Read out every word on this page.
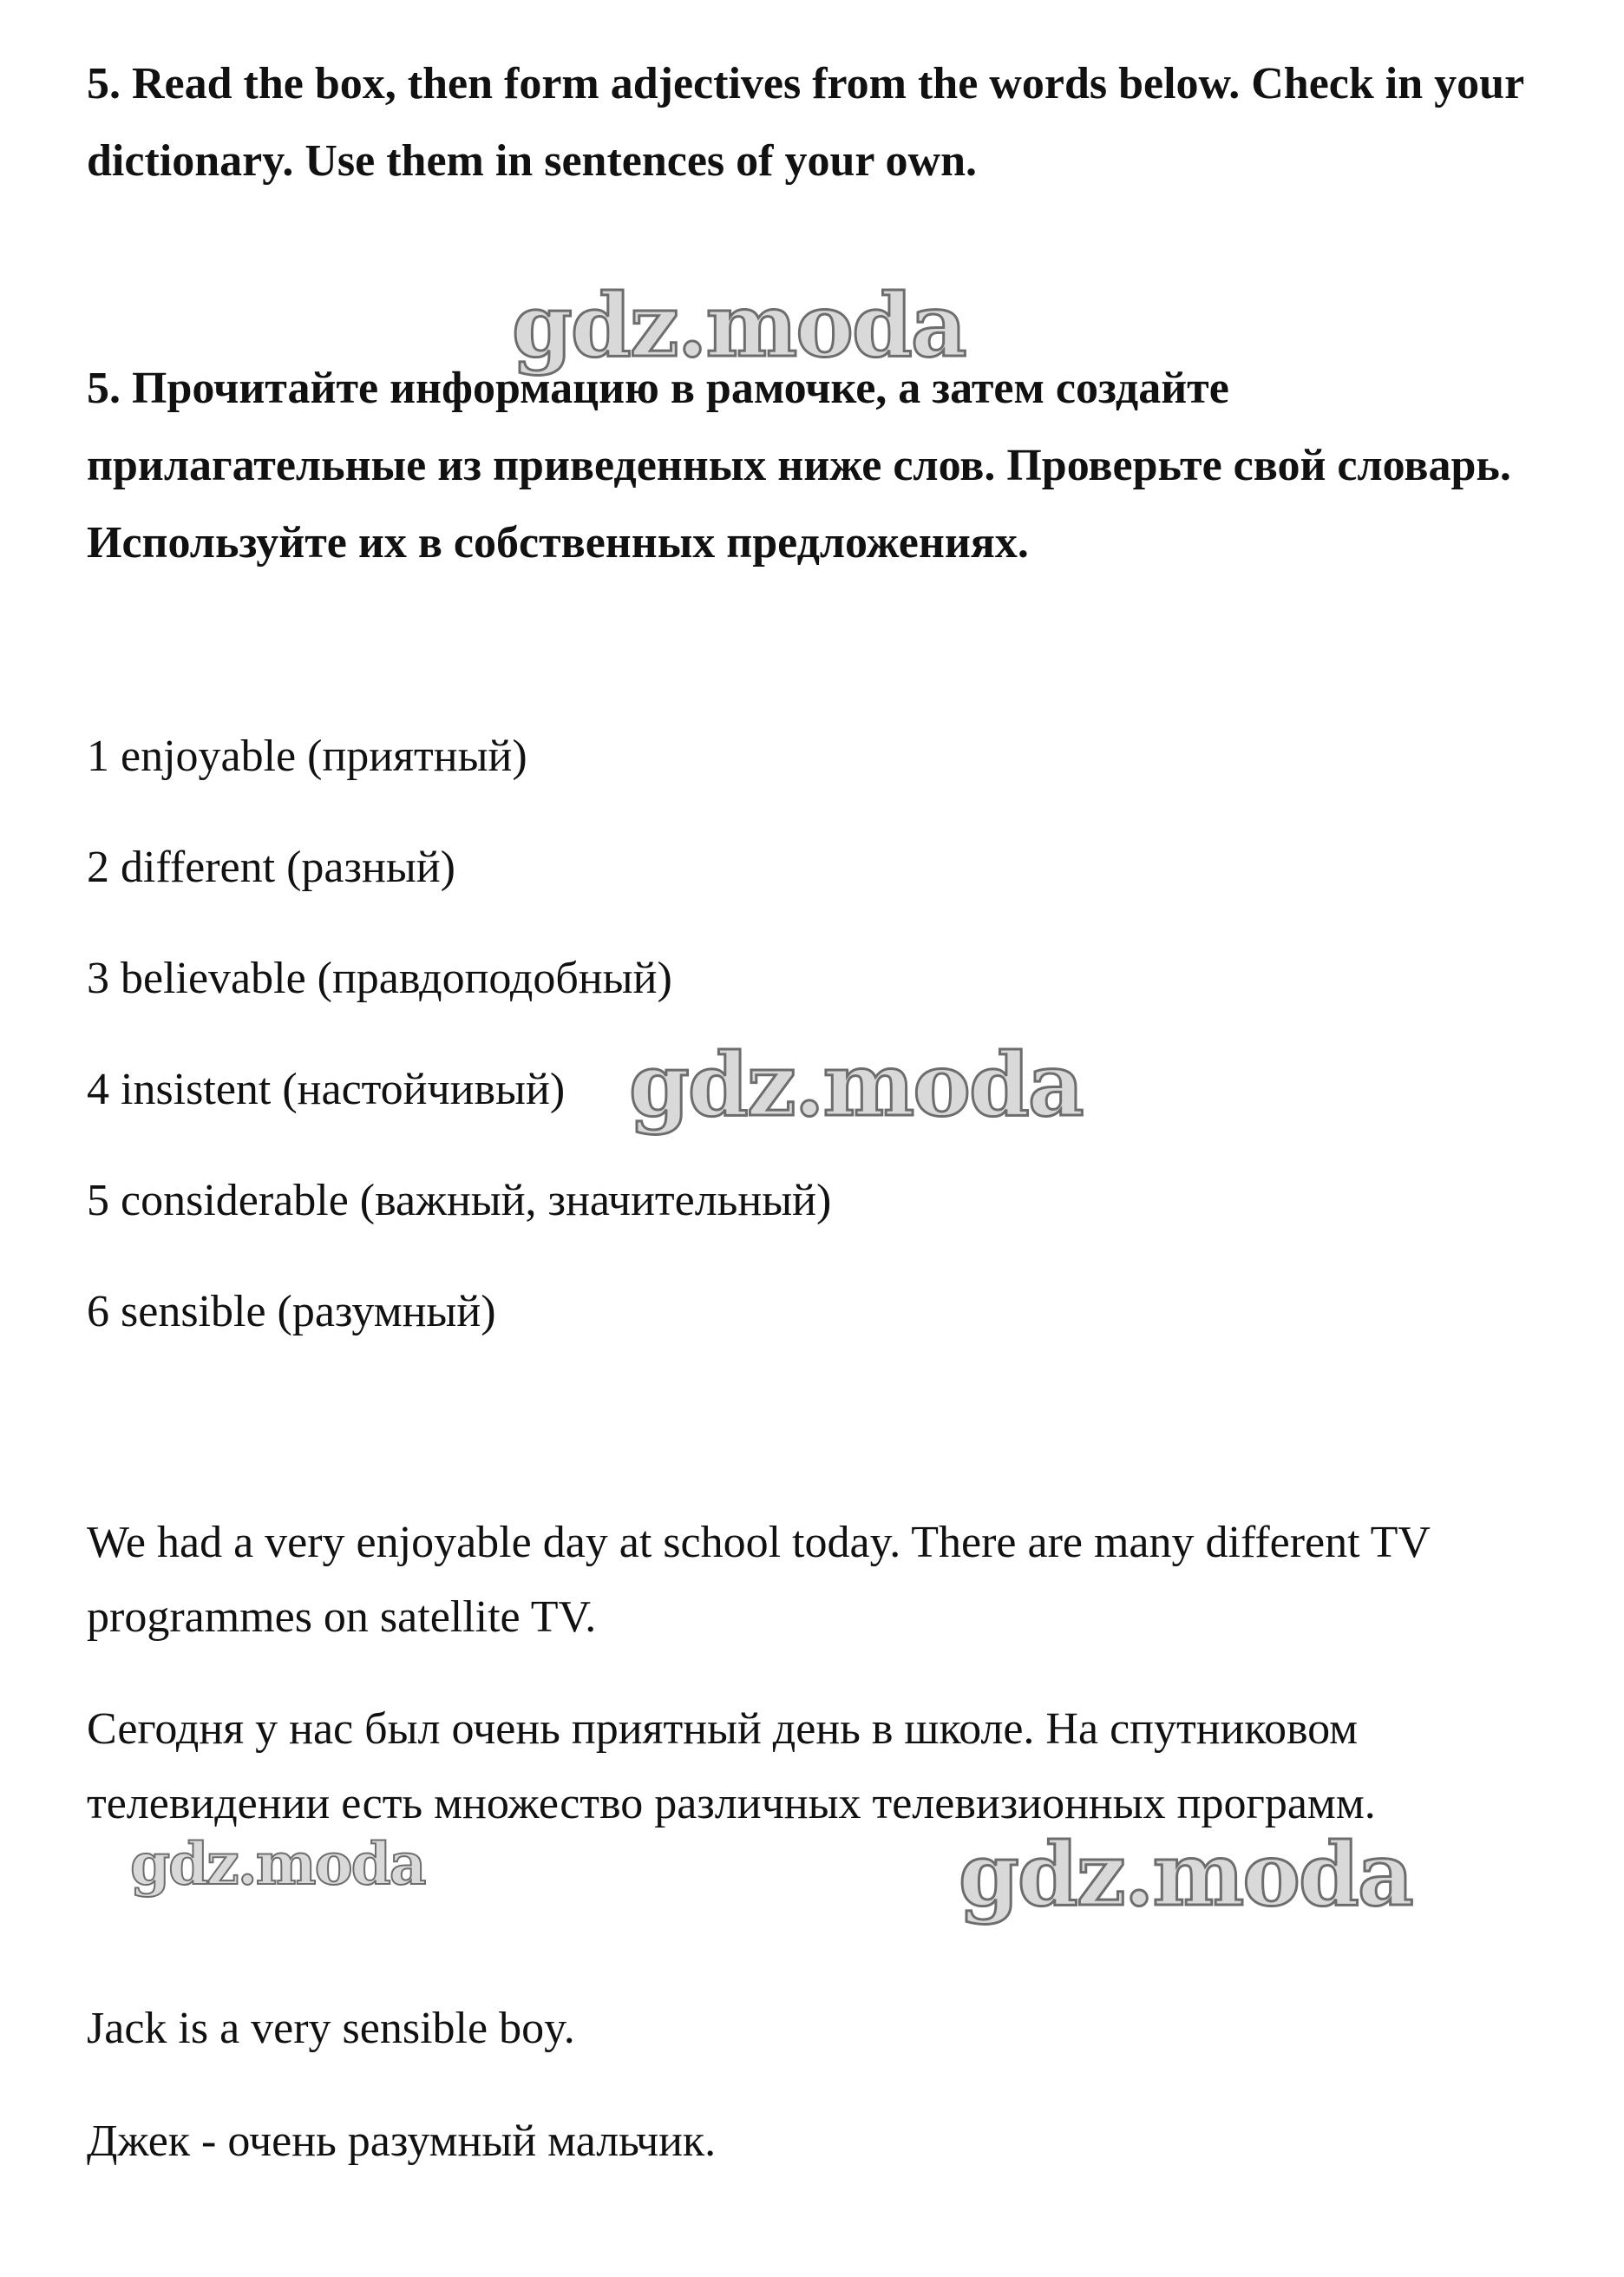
5. Read the box, then form adjectives from the words below. Check in your dictionary. Use them in sentences of your own.

5. Прочитайте информацию в рамочке, а затем создайте прилагательные из приведенных ниже слов. Проверьте свой словарь. Используйте их в собственных предложениях.

1 enjoyable (приятный)
2 different (разный)
3 believable (правдоподобный)
4 insistent (настойчивый)
5 considerable (важный, значительный)
6 sensible (разумный)

We had a very enjoyable day at school today. There are many different TV programmes on satellite TV.

Сегодня у нас был очень приятный день в школе. На спутниковом телевидении есть множество различных телевизионных программ.

Jack is a very sensible boy.

Джек - очень разумный мальчик.

gdz.moda
gdz.moda
gdz.moda	gdz.moda
